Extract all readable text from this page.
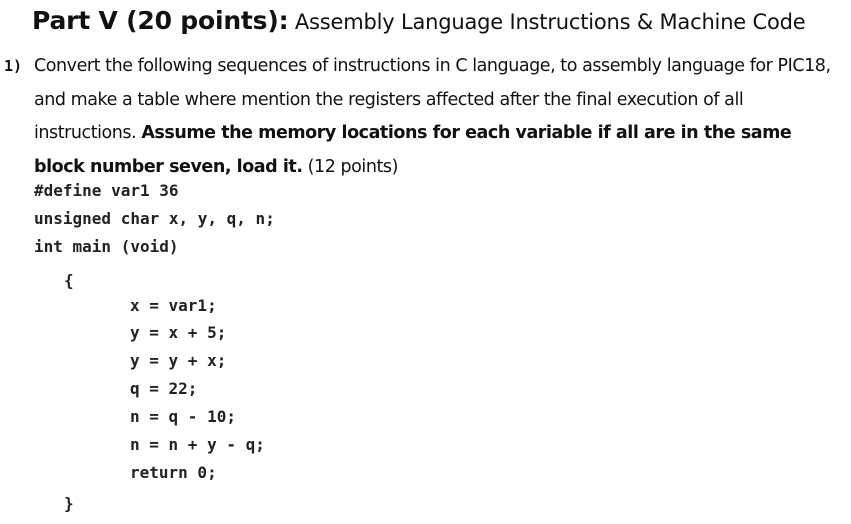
Part V (20 points): Assembly Language Instructions & Machine Code
1) Convert the following sequences of instructions in C language, to assembly language for PIC18, and make a table where mention the registers affected after the final execution of all instructions. Assume the memory locations for each variable if all are in the same block number seven, load it. (12 points)
#define var1 36
unsigned char x, y, q, n;
int main (void)
{
x = var1;
y = x + 5;
y = y + x;
q = 22;
n = q - 10;
n = n + y - q;
return 0;
}
